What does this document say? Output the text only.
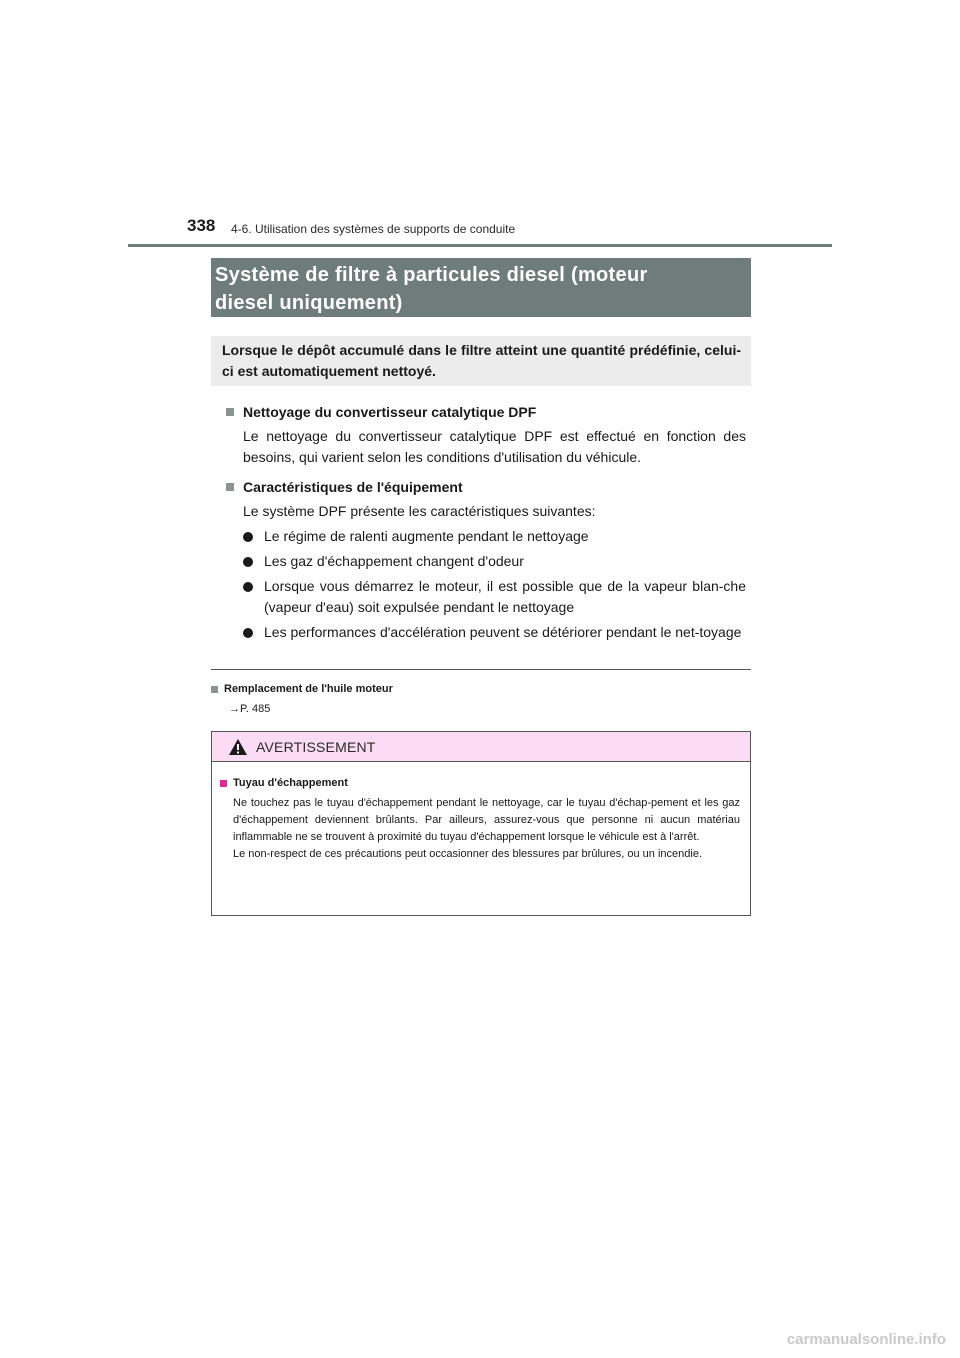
338 4-6. Utilisation des systèmes de supports de conduite
Système de filtre à particules diesel (moteur
diesel uniquement)
Lorsque le dépôt accumulé dans le filtre atteint une quantité prédéfinie, celui-ci est automatiquement nettoyé.
Nettoyage du convertisseur catalytique DPF
Le nettoyage du convertisseur catalytique DPF est effectué en fonction des besoins, qui varient selon les conditions d'utilisation du véhicule.
Caractéristiques de l'équipement
Le système DPF présente les caractéristiques suivantes:
Le régime de ralenti augmente pendant le nettoyage
Les gaz d'échappement changent d'odeur
Lorsque vous démarrez le moteur, il est possible que de la vapeur blan-che (vapeur d'eau) soit expulsée pendant le nettoyage
Les performances d'accélération peuvent se détériorer pendant le net-toyage
Remplacement de l'huile moteur
→P. 485
AVERTISSEMENT
Tuyau d'échappement
Ne touchez pas le tuyau d'échappement pendant le nettoyage, car le tuyau d'échap-pement et les gaz d'échappement deviennent brûlants. Par ailleurs, assurez-vous que personne ni aucun matériau inflammable ne se trouvent à proximité du tuyau d'échappement lorsque le véhicule est à l'arrêt.
Le non-respect de ces précautions peut occasionner des blessures par brûlures, ou un incendie.
carmanualsonline.info
